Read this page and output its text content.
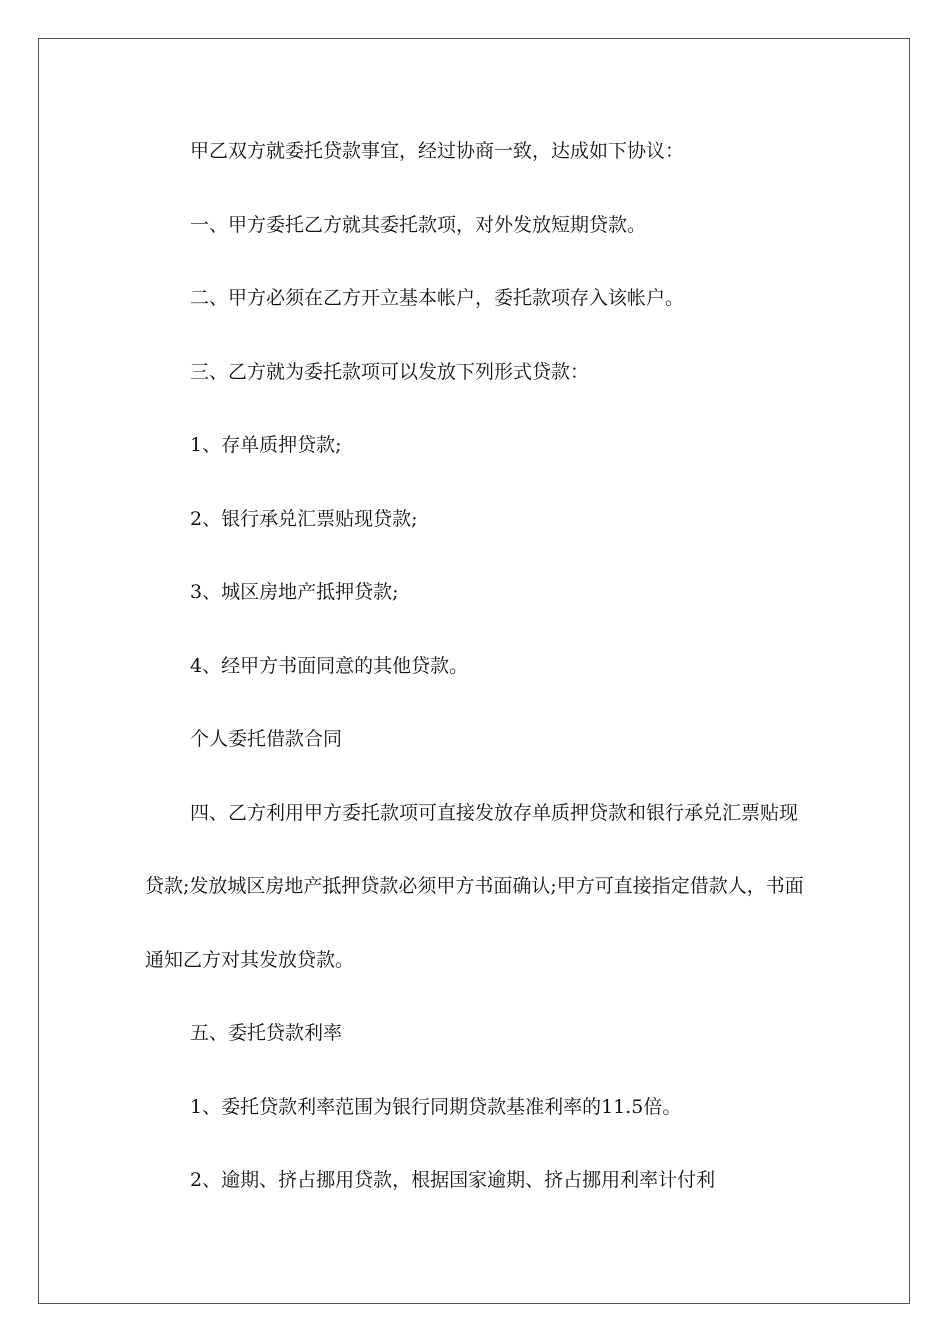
甲乙双方就委托贷款事宜，经过协商一致，达成如下协议：

一、甲方委托乙方就其委托款项，对外发放短期贷款。

二、甲方必须在乙方开立基本帐户，委托款项存入该帐户。

三、乙方就为委托款项可以发放下列形式贷款：

1、存单质押贷款;

2、银行承兑汇票贴现贷款;

3、城区房地产抵押贷款;

4、经甲方书面同意的其他贷款。

个人委托借款合同

四、乙方利用甲方委托款项可直接发放存单质押贷款和银行承兑汇票贴现贷款;发放城区房地产抵押贷款必须甲方书面确认;甲方可直接指定借款人，书面通知乙方对其发放贷款。

五、委托贷款利率

1、委托贷款利率范围为银行同期贷款基准利率的11.5倍。

2、逾期、挤占挪用贷款，根据国家逾期、挤占挪用利率计付利
